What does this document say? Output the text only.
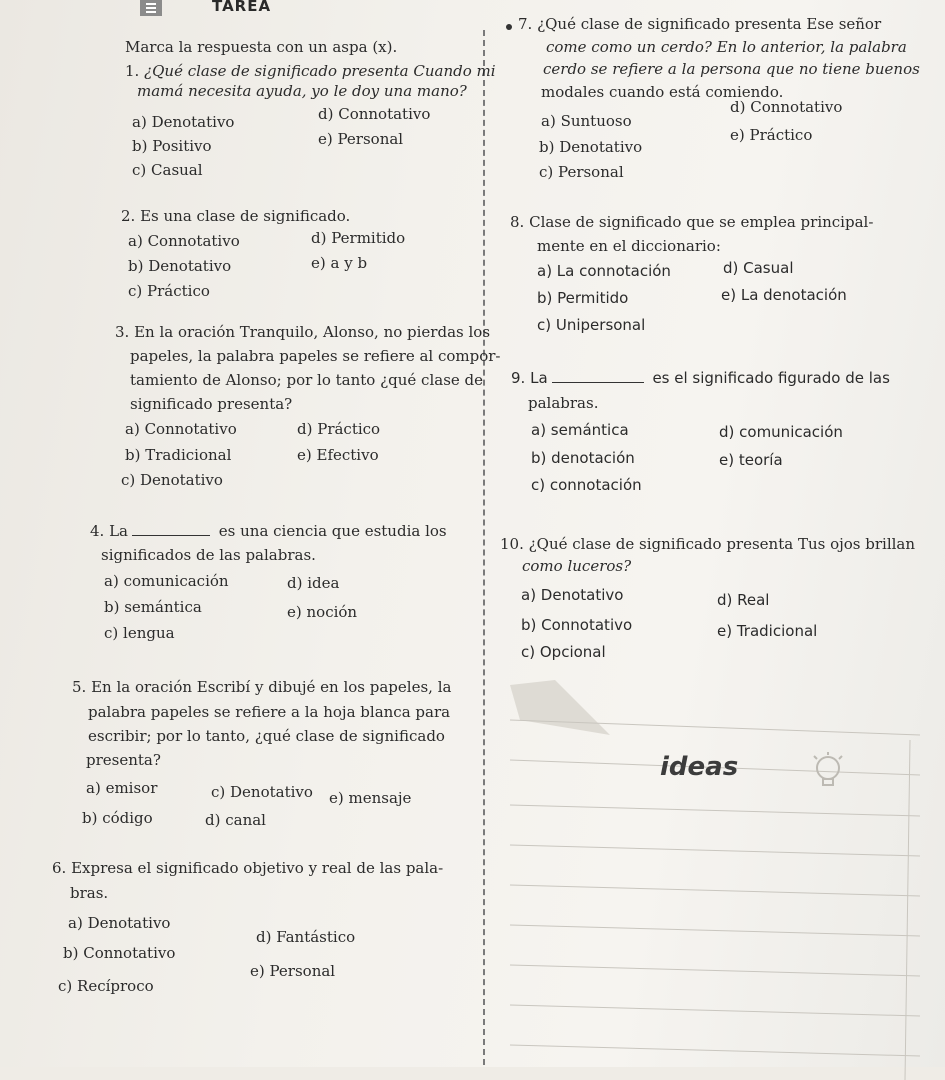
TAREA
Marca la respuesta con un aspa (x).
1. ¿Qué clase de significado presenta Cuando mi
mamá necesita ayuda, yo le doy una mano?
a) Denotativo
b) Positivo
c) Casual
d) Connotativo
e) Personal
2. Es una clase de significado.
a) Connotativo
b) Denotativo
c) Práctico
d) Permitido
e) a y b
3. En la oración Tranquilo, Alonso, no pierdas los
papeles, la palabra papeles se refiere al compor-
tamiento de Alonso; por lo tanto ¿qué clase de
significado presenta?
a) Connotativo
b) Tradicional
c) Denotativo
d) Práctico
e) Efectivo
4. La	es una ciencia que estudia los
significados de las palabras.
a) comunicación
b) semántica
c) lengua
d) idea
e) noción
5. En la oración Escribí y dibujé en los papeles, la
palabra papeles se refiere a la hoja blanca para
escribir; por lo tanto, ¿qué clase de significado
presenta?
a) emisor
b) código
c) Denotativo
d) canal
e) mensaje
6. Expresa el significado objetivo y real de las pala-
bras.
a) Denotativo
b) Connotativo
c) Recíproco
d) Fantástico
e) Personal
7. ¿Qué clase de significado presenta Ese señor
come como un cerdo? En lo anterior, la palabra
cerdo se refiere a la persona que no tiene buenos
modales cuando está comiendo.
a) Suntuoso
b) Denotativo
c) Personal
d) Connotativo
e) Práctico
8. Clase de significado que se emplea principal-
mente en el diccionario:
a) La connotación
b) Permitido
c) Unipersonal
d) Casual
e) La denotación
9. La	es el significado figurado de las
palabras.
a) semántica
b) denotación
c) connotación
d) comunicación
e) teoría
10. ¿Qué clase de significado presenta Tus ojos brillan
como luceros?
a) Denotativo
b) Connotativo
c) Opcional
d) Real
e) Tradicional
ideas
